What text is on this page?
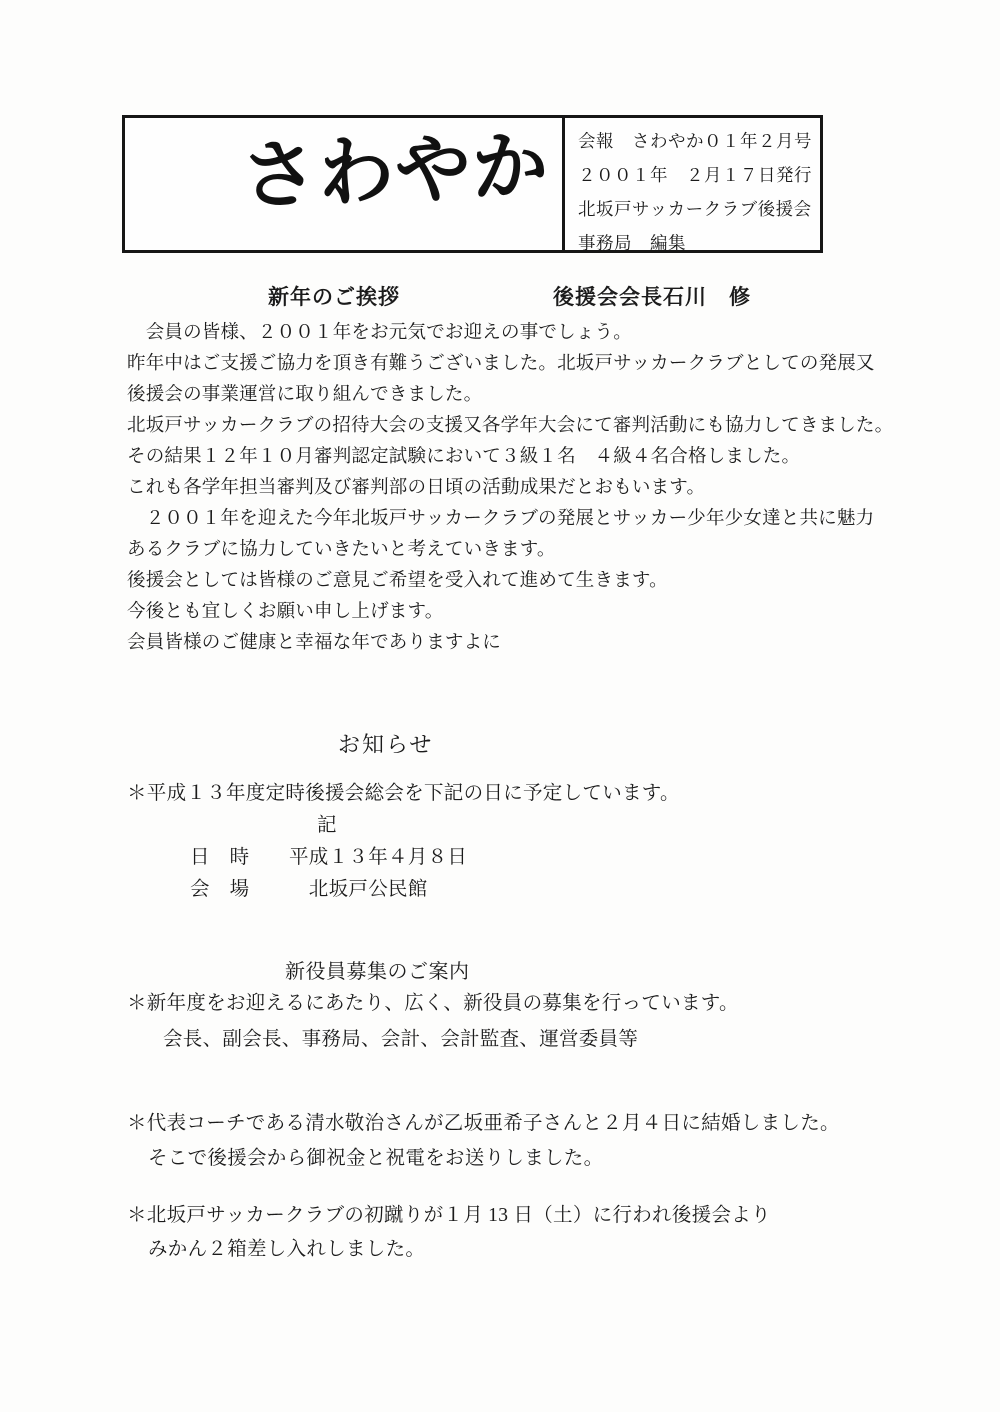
さわやか 会報　さわやか０１年２月号
２００１年　２月１７日発行
北坂戸サッカークラブ後援会
事務局　編集
新年のご挨拶	後援会会長石川　修
　会員の皆様、２００１年をお元気でお迎えの事でしょう。
昨年中はご支援ご協力を頂き有難うございました。北坂戸サッカークラブとしての発展又
後援会の事業運営に取り組んできました。
北坂戸サッカークラブの招待大会の支援又各学年大会にて審判活動にも協力してきました。
その結果１２年１０月審判認定試験において３級１名　４級４名合格しました。
これも各学年担当審判及び審判部の日頃の活動成果だとおもいます。
　２００１年を迎えた今年北坂戸サッカークラブの発展とサッカー少年少女達と共に魅力
あるクラブに協力していきたいと考えていきます。
後援会としては皆様のご意見ご希望を受入れて進めて生きます。
今後とも宜しくお願い申し上げます。
会員皆様のご健康と幸福な年でありますよに
お知らせ
＊平成１３年度定時後援会総会を下記の日に予定しています。
記
日　時　　平成１３年４月８日
会　場　　　北坂戸公民館
新役員募集のご案内
＊新年度をお迎えるにあたり、広く、新役員の募集を行っています。
会長、副会長、事務局、会計、会計監査、運営委員等
＊代表コーチである清水敬治さんが乙坂亜希子さんと２月４日に結婚しました。
そこで後援会から御祝金と祝電をお送りしました。
＊北坂戸サッカークラブの初蹴りが１月 13 日（土）に行われ後援会より
みかん２箱差し入れしました。
